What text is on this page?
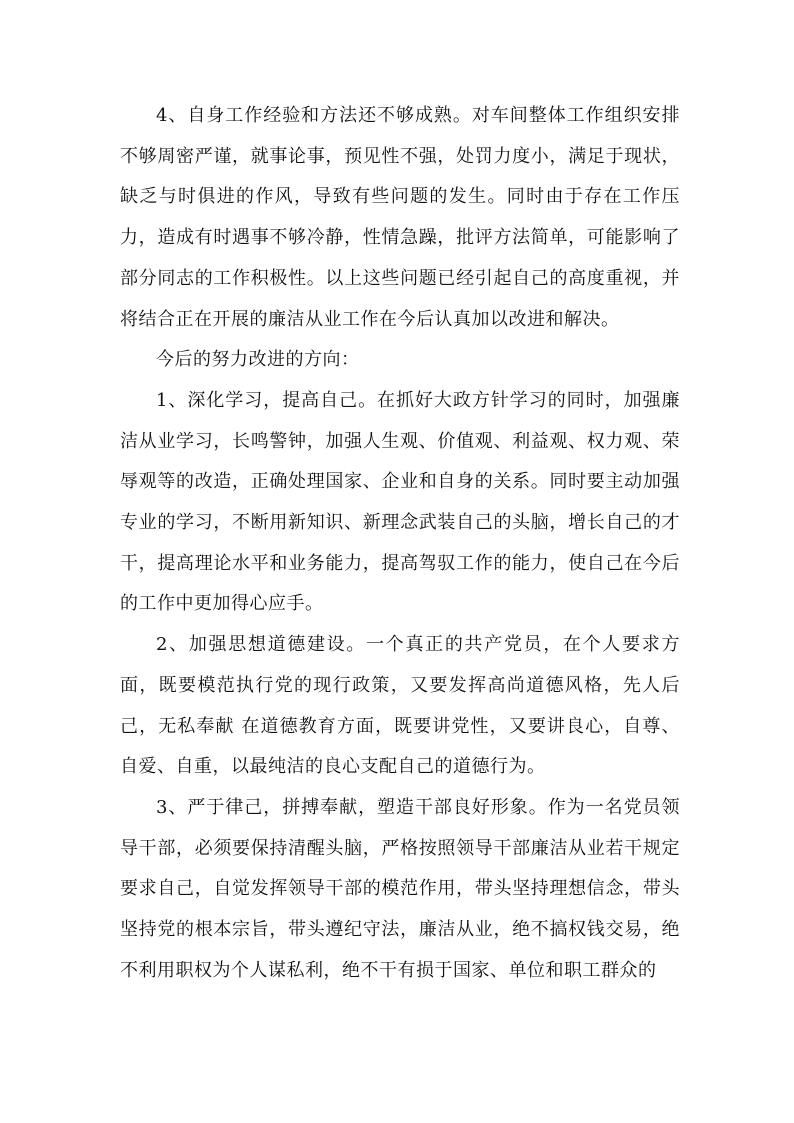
4、自身工作经验和方法还不够成熟。对车间整体工作组织安排不够周密严谨，就事论事，预见性不强，处罚力度小，满足于现状，缺乏与时俱进的作风，导致有些问题的发生。同时由于存在工作压力，造成有时遇事不够冷静，性情急躁，批评方法简单，可能影响了部分同志的工作积极性。以上这些问题已经引起自己的高度重视，并将结合正在开展的廉洁从业工作在今后认真加以改进和解决。

今后的努力改进的方向：

1、深化学习，提高自己。在抓好大政方针学习的同时，加强廉洁从业学习，长鸣警钟，加强人生观、价值观、利益观、权力观、荣辱观等的改造，正确处理国家、企业和自身的关系。同时要主动加强专业的学习，不断用新知识、新理念武装自己的头脑，增长自己的才干，提高理论水平和业务能力，提高驾驭工作的能力，使自己在今后的工作中更加得心应手。

2、加强思想道德建设。一个真正的共产党员，在个人要求方面，既要模范执行党的现行政策，又要发挥高尚道德风格，先人后己，无私奉献 在道德教育方面，既要讲党性，又要讲良心，自尊、自爱、自重，以最纯洁的良心支配自己的道德行为。

3、严于律己，拼搏奉献，塑造干部良好形象。作为一名党员领导干部，必须要保持清醒头脑，严格按照领导干部廉洁从业若干规定要求自己，自觉发挥领导干部的模范作用，带头坚持理想信念，带头坚持党的根本宗旨，带头遵纪守法，廉洁从业，绝不搞权钱交易，绝不利用职权为个人谋私利，绝不干有损于国家、单位和职工群众的
